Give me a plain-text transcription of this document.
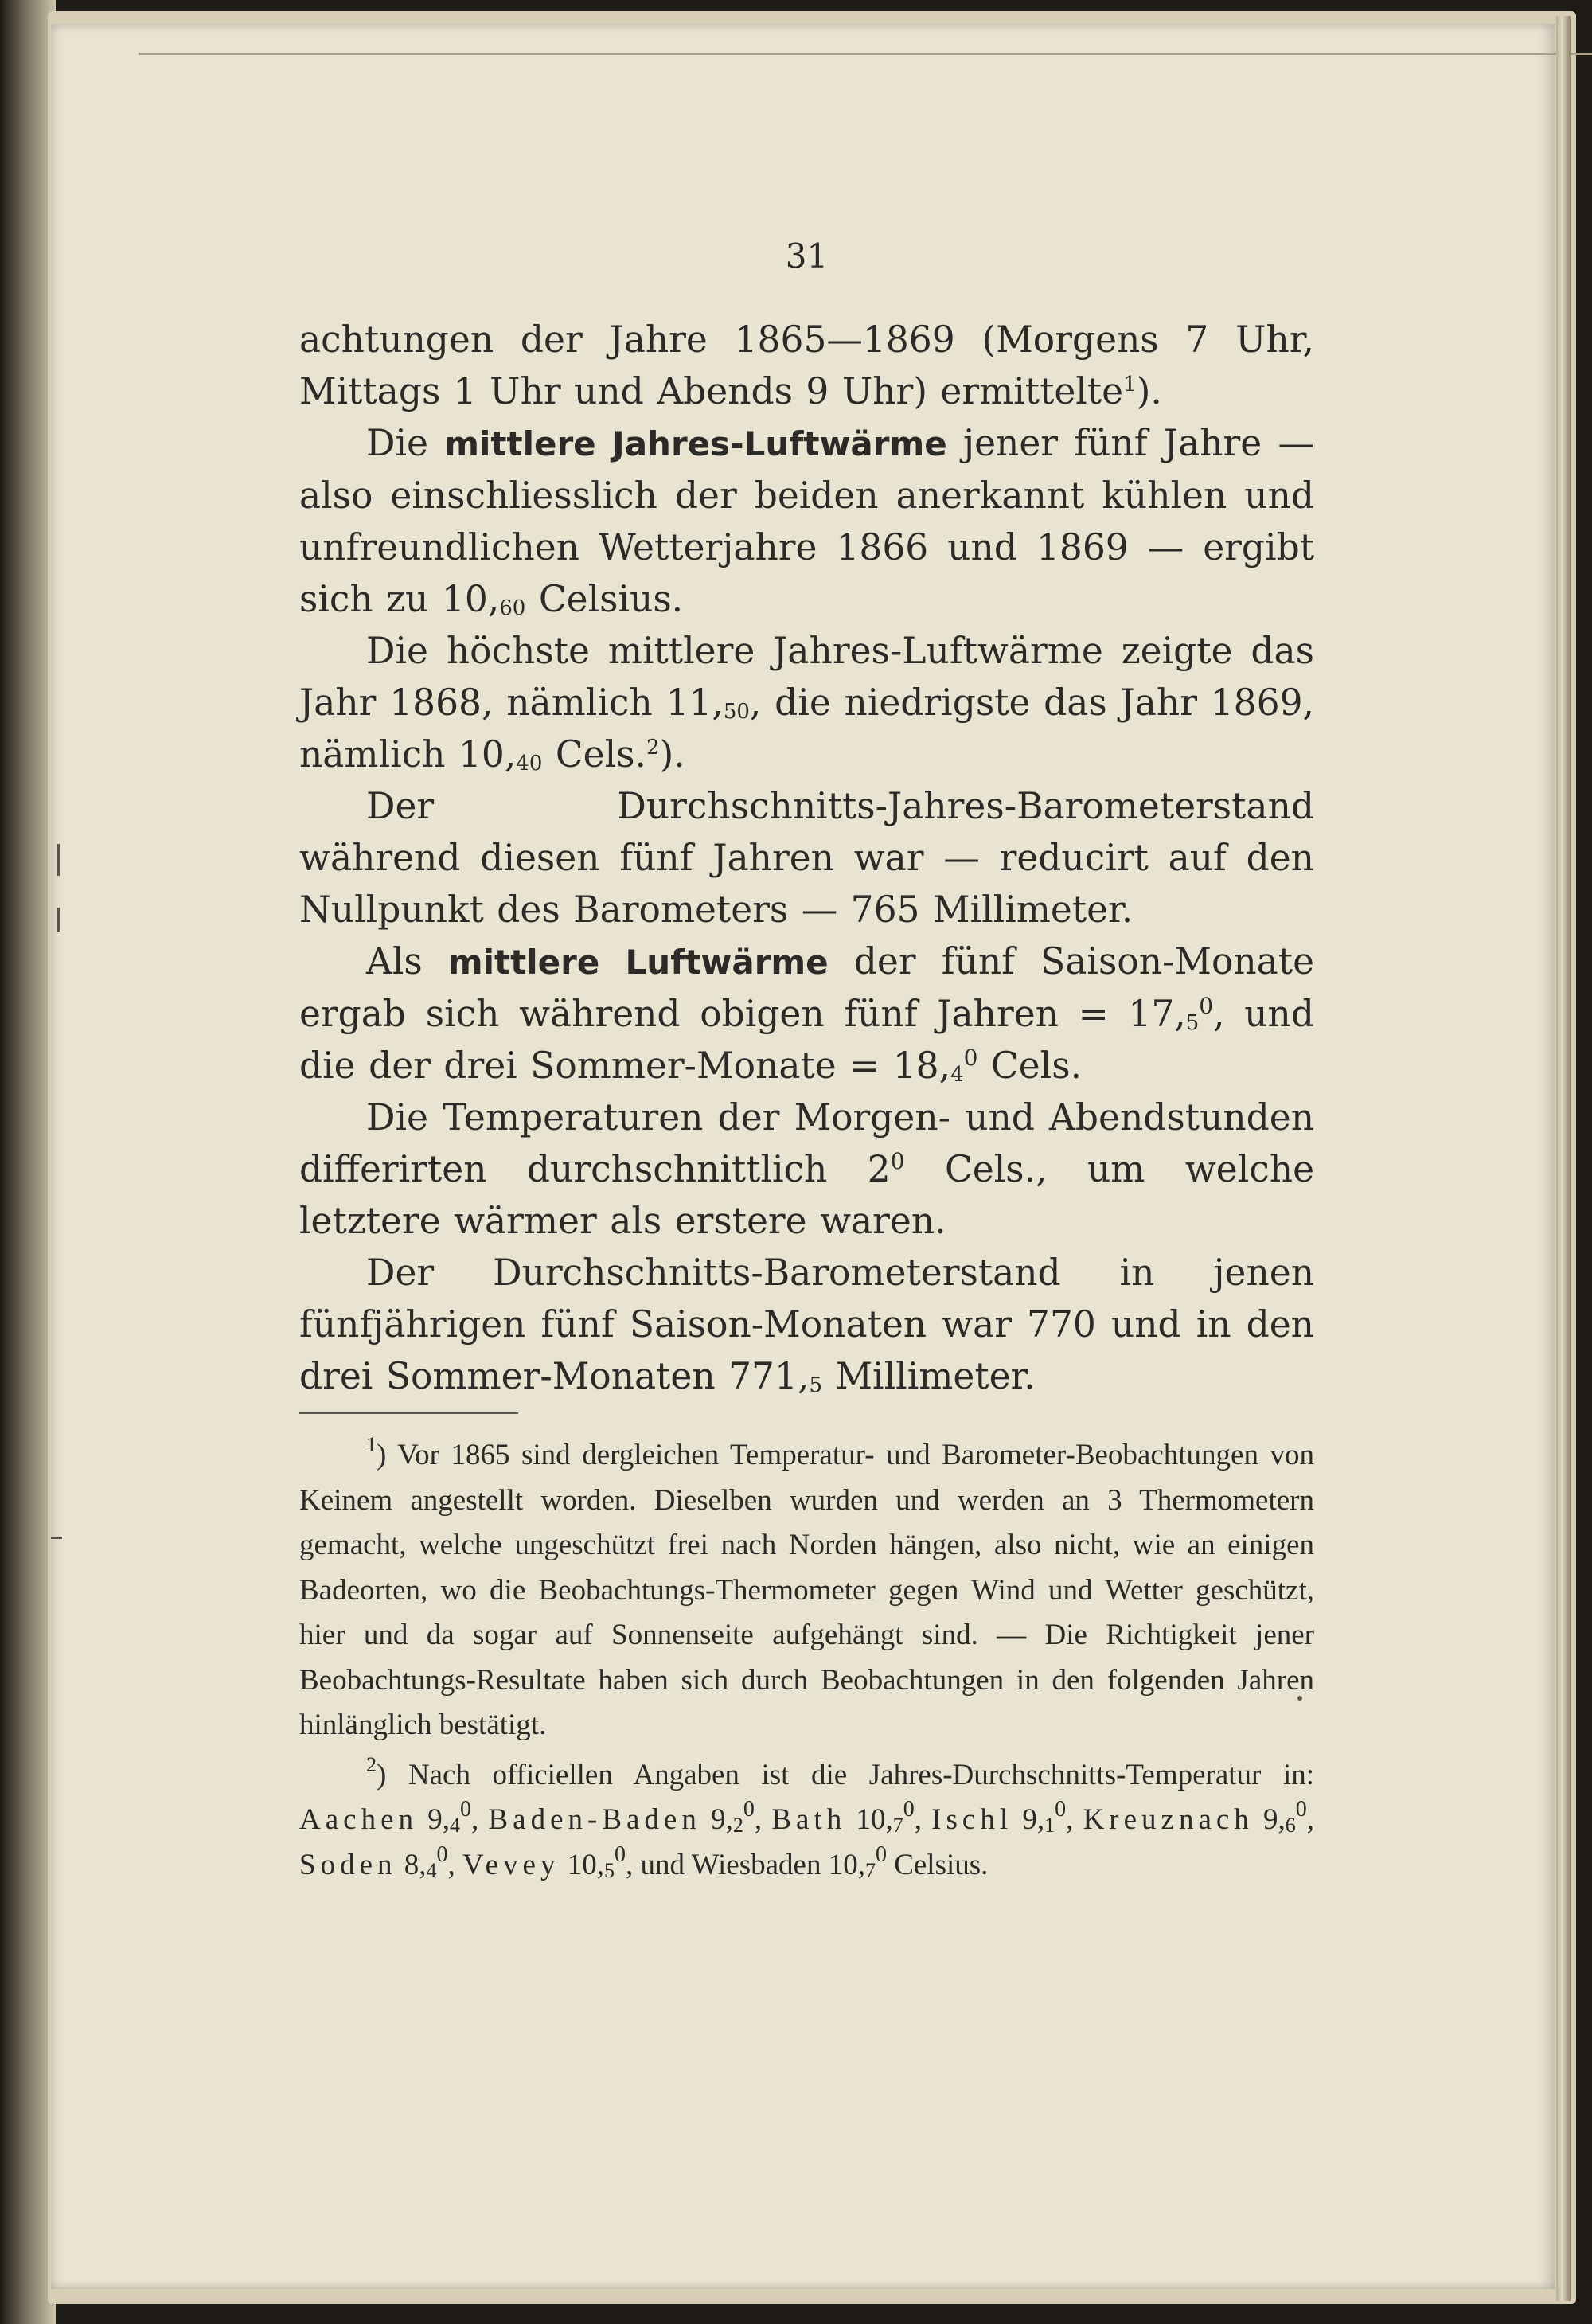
31

achtungen der Jahre 1865—1869 (Morgens 7 Uhr, Mittags 1 Uhr und Abends 9 Uhr) ermittelte$^1$).

Die mittlere Jahres-Luftwärme jener fünf Jahre — also einschliesslich der beiden anerkannt kühlen und unfreundlichen Wetterjahre 1866 und 1869 — ergibt sich zu 10,60 Celsius.

Die höchste mittlere Jahres-Luftwärme zeigte das Jahr 1868, nämlich 11,50, die niedrigste das Jahr 1869, nämlich 10,40 Cels.$^2$).

Der Durchschnitts-Jahres-Barometerstand während diesen fünf Jahren war — reducirt auf den Nullpunkt des Barometers — 765 Millimeter.

Als mittlere Luftwärme der fünf Saison-Monate ergab sich während obigen fünf Jahren = $17,5^0$, und die der drei Sommer-Monate = $18,4^0$ Cels.

Die Temperaturen der Morgen- und Abendstunden differirten durchschnittlich $2^0$ Cels., um welche letztere wärmer als erstere waren.

Der Durchschnitts-Barometerstand in jenen fünfjährigen fünf Saison-Monaten war 770 und in den drei Sommer-Monaten 771,5 Millimeter.

$^1$) Vor 1865 sind dergleichen Temperatur- und Barometer-Beobachtungen von Keinem angestellt worden. Dieselben wurden und werden an 3 Thermometern gemacht, welche ungeschützt frei nach Norden hängen, also nicht, wie an einigen Badeorten, wo die Beobachtungs-Thermometer gegen Wind und Wetter geschützt, hier und da sogar auf Sonnenseite aufgehängt sind. — Die Richtigkeit jener Beobachtungs-Resultate haben sich durch Beobachtungen in den folgenden Jahren hinlänglich bestätigt.

$^2$) Nach officiellen Angaben ist die Jahres-Durchschnitts-Temperatur in: Aachen $9,4^0$, Baden-Baden $9,2^0$, Bath 10,7$^0$, Ischl $9,1^0$, Kreuznach $9,6^0$, Soden $8,4^0$, Vevey 10,5$^0$, und Wiesbaden 10,7$^0$ Celsius.
